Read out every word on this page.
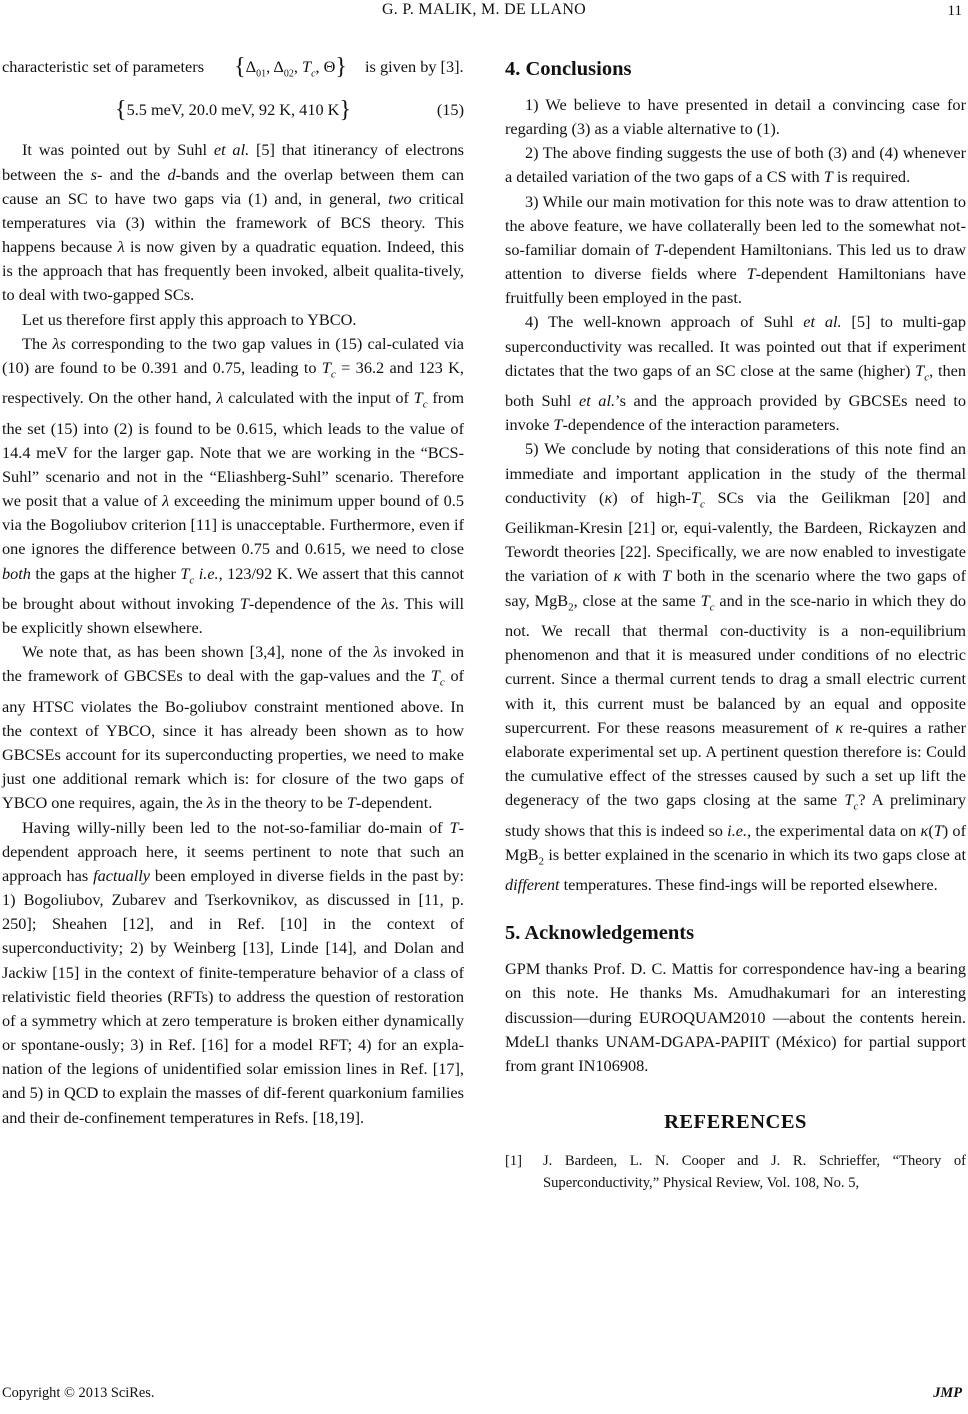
G. P. MALIK, M. DE LLANO	11

characteristic set of parameters {$\Delta_{01}$, $\Delta_{02}$, $T_c$, Θ} is given by [3].

{5.5 meV, 20.0 meV, 92 K, 410 K}	(15)

It was pointed out by Suhl et al. [5] that itinerancy of electrons between the s- and the d-bands and the overlap between them can cause an SC to have two gaps via (1) and, in general, two critical temperatures via (3) within the framework of BCS theory. This happens because λ is now given by a quadratic equation. Indeed, this is the approach that has frequently been invoked, albeit qualita-tively, to deal with two-gapped SCs.

Let us therefore first apply this approach to YBCO.

The λs corresponding to the two gap values in (15) cal-culated via (10) are found to be 0.391 and 0.75, leading to $T_c = 36.2$ and 123 K, respectively. On the other hand, λ calculated with the input of $T_c$ from the set (15) into (2) is found to be 0.615, which leads to the value of 14.4 meV for the larger gap. Note that we are working in the “BCS-Suhl” scenario and not in the “Eliashberg-Suhl” scenario. Therefore we posit that a value of λ exceeding the minimum upper bound of 0.5 via the Bogoliubov criterion [11] is unacceptable. Furthermore, even if one ignores the difference between 0.75 and 0.615, we need to close both the gaps at the higher $T_c$ i.e., 123/92 K. We assert that this cannot be brought about without invoking T-dependence of the λs. This will be explicitly shown elsewhere.

We note that, as has been shown [3,4], none of the λs invoked in the framework of GBCSEs to deal with the gap-values and the $T_c$ of any HTSC violates the Bo-goliubov constraint mentioned above. In the context of YBCO, since it has already been shown as to how GBCSEs account for its superconducting properties, we need to make just one additional remark which is: for closure of the two gaps of YBCO one requires, again, the λs in the theory to be T-dependent.

Having willy-nilly been led to the not-so-familiar do-main of T-dependent approach here, it seems pertinent to note that such an approach has factually been employed in diverse fields in the past by: 1) Bogoliubov, Zubarev and Tserkovnikov, as discussed in [11, p. 250]; Sheahen [12], and in Ref. [10] in the context of superconductivity; 2) by Weinberg [13], Linde [14], and Dolan and Jackiw [15] in the context of finite-temperature behavior of a class of relativistic field theories (RFTs) to address the question of restoration of a symmetry which at zero temperature is broken either dynamically or spontane-ously; 3) in Ref. [16] for a model RFT; 4) for an expla-nation of the legions of unidentified solar emission lines in Ref. [17], and 5) in QCD to explain the masses of dif-ferent quarkonium families and their de-confinement temperatures in Refs. [18,19].

4. Conclusions

1) We believe to have presented in detail a convincing case for regarding (3) as a viable alternative to (1).

2) The above finding suggests the use of both (3) and (4) whenever a detailed variation of the two gaps of a CS with T is required.

3) While our main motivation for this note was to draw attention to the above feature, we have collaterally been led to the somewhat not-so-familiar domain of T-dependent Hamiltonians. This led us to draw attention to diverse fields where T-dependent Hamiltonians have fruitfully been employed in the past.

4) The well-known approach of Suhl et al. [5] to multi-gap superconductivity was recalled. It was pointed out that if experiment dictates that the two gaps of an SC close at the same (higher) $T_c$, then both Suhl et al.’s and the approach provided by GBCSEs need to invoke T-dependence of the interaction parameters.

5) We conclude by noting that considerations of this note find an immediate and important application in the study of the thermal conductivity (κ) of high-$T_c$ SCs via the Geilikman [20] and Geilikman-Kresin [21] or, equi-valently, the Bardeen, Rickayzen and Tewordt theories [22]. Specifically, we are now enabled to investigate the variation of κ with T both in the scenario where the two gaps of say, MgB$_2$, close at the same $T_c$ and in the sce-nario in which they do not. We recall that thermal con-ductivity is a non-equilibrium phenomenon and that it is measured under conditions of no electric current. Since a thermal current tends to drag a small electric current with it, this current must be balanced by an equal and opposite supercurrent. For these reasons measurement of κ re-quires a rather elaborate experimental set up. A pertinent question therefore is: Could the cumulative effect of the stresses caused by such a set up lift the degeneracy of the two gaps closing at the same $T_c$? A preliminary study shows that this is indeed so i.e., the experimental data on κ(T) of MgB$_2$ is better explained in the scenario in which its two gaps close at different temperatures. These find-ings will be reported elsewhere.

5. Acknowledgements

GPM thanks Prof. D. C. Mattis for correspondence hav-ing a bearing on this note. He thanks Ms. Amudhakumari for an interesting discussion—during EUROQUAM2010 —about the contents herein. MdeLl thanks UNAM-DGAPA-PAPIIT (México) for partial support from grant IN106908.

REFERENCES
[1]	J. Bardeen, L. N. Cooper and J. R. Schrieffer, “Theory of Superconductivity,” Physical Review, Vol. 108, No. 5,
Copyright © 2013 SciRes.	JMP
